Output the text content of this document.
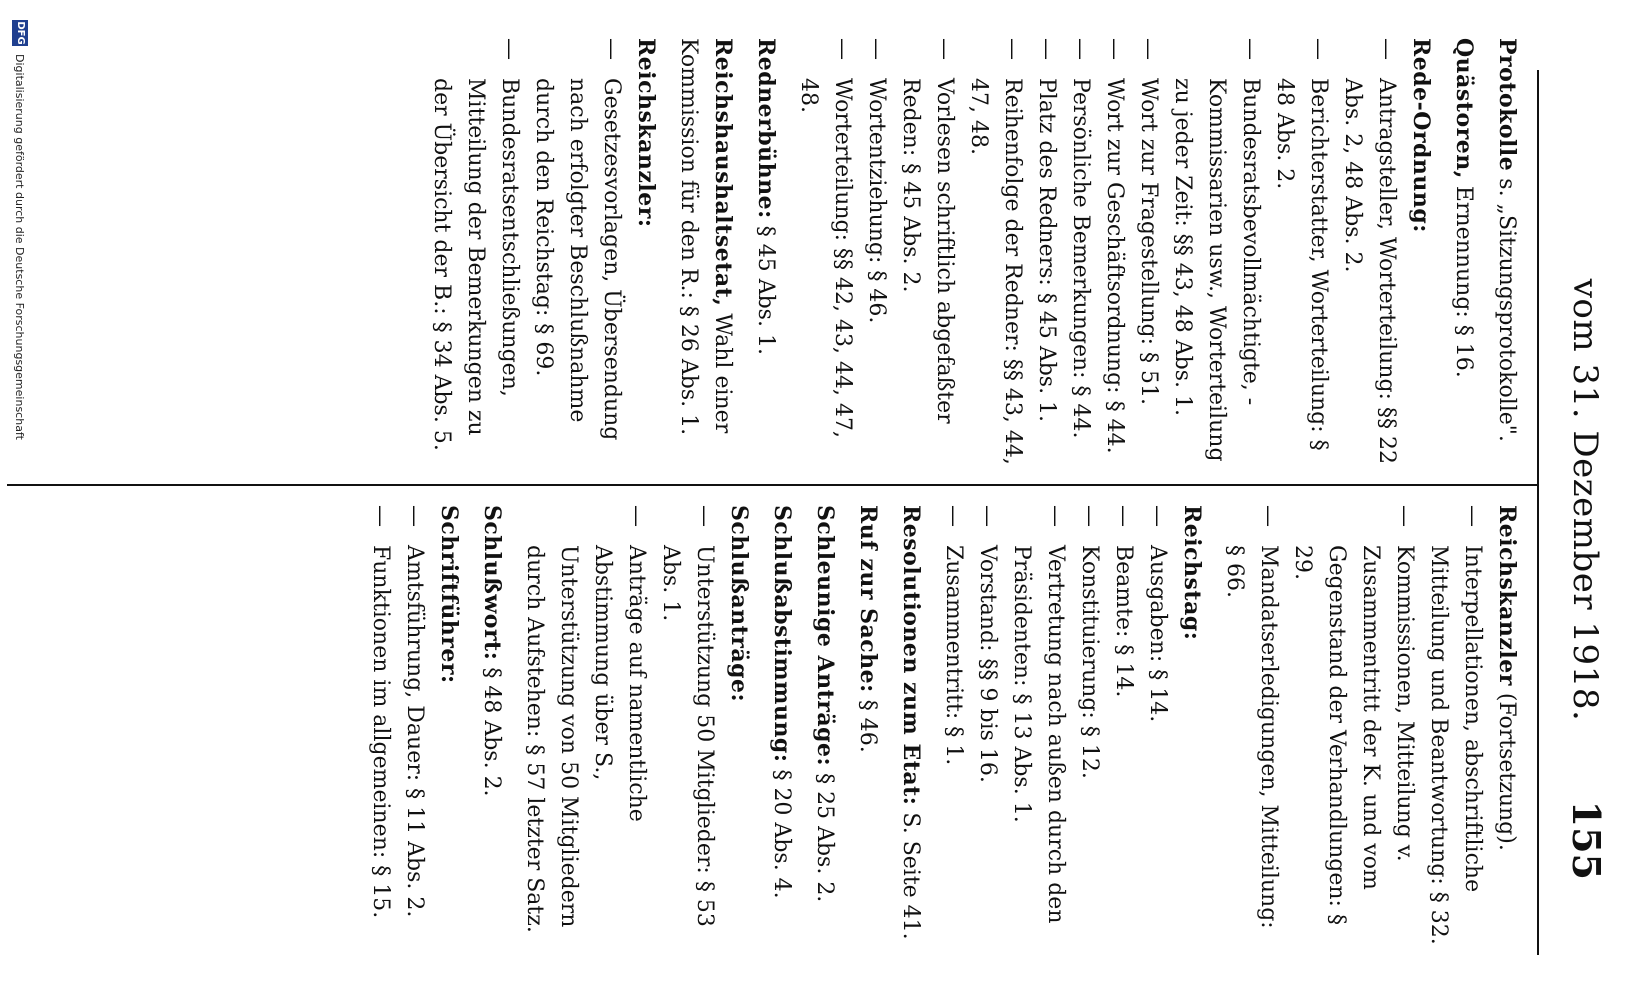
vom 31. Dezember 1918.
155
Protokolle s. „Sitzungsprotokolle".
Quästoren, Ernennung: § 16.
Rede-Ordnung:
— Antragsteller, Worterteilung: §§ 22 Abs. 2, 48 Abs. 2.
— Berichterstatter, Worterteilung: § 48 Abs. 2.
— Bundesratsbevollmächtigte, -Kommissarien usw., Worterteilung zu jeder Zeit: §§ 43, 48 Abs. 1.
— Wort zur Fragestellung: § 51.
— Wort zur Geschäftsordnung: § 44.
— Persönliche Bemerkungen: § 44.
— Platz des Redners: § 45 Abs. 1.
— Reihenfolge der Redner: §§ 43, 44, 47, 48.
— Vorlesen schriftlich abgefaßter Reden: § 45 Abs. 2.
— Wortentziehung: § 46.
— Worterteilung: §§ 42, 43, 44, 47, 48.
Rednerbühne: § 45 Abs. 1.
Reichshaushaltsetat, Wahl einer Kommission für den R.: § 26 Abs. 1.
Reichskanzler:
— Gesetzesvorlagen, Übersendung nach erfolgter Beschlußnahme durch den Reichstag: § 69.
— Bundesratsentschließungen, Mitteilung der Bemerkungen zu der Übersicht der B.: § 34 Abs. 5.
Reichskanzler (Fortsetzung).
— Interpellationen, abschriftliche Mitteilung und Beantwortung: § 32.
— Kommissionen, Mitteilung v. Zusammentritt der K. und vom Gegenstand der Verhandlungen: § 29.
— Mandatserledigungen, Mitteilung: § 66.
Reichstag:
— Ausgaben: § 14.
— Beamte: § 14.
— Konstituierung: § 12.
— Vertretung nach außen durch den Präsidenten: § 13 Abs. 1.
— Vorstand: §§ 9 bis 16.
— Zusammentritt: § 1.
Resolutionen zum Etat: S. Seite 41.
Ruf zur Sache: § 46.
Schleunige Anträge: § 25 Abs. 2.
Schlußabstimmung: § 20 Abs. 4.
Schlußanträge:
— Unterstützung 50 Mitglieder: § 53 Abs. 1.
— Anträge auf namentliche Abstimmung über S., Unterstützung von 50 Mitgliedern durch Aufstehen: § 57 letzter Satz.
Schlußwort: § 48 Abs. 2.
Schriftführer:
— Amtsführung, Dauer: § 11 Abs. 2.
— Funktionen im allgemeinen: § 15.
DFG
Digitalisierung gefördert durch die Deutsche Forschungsgemeinschaft
